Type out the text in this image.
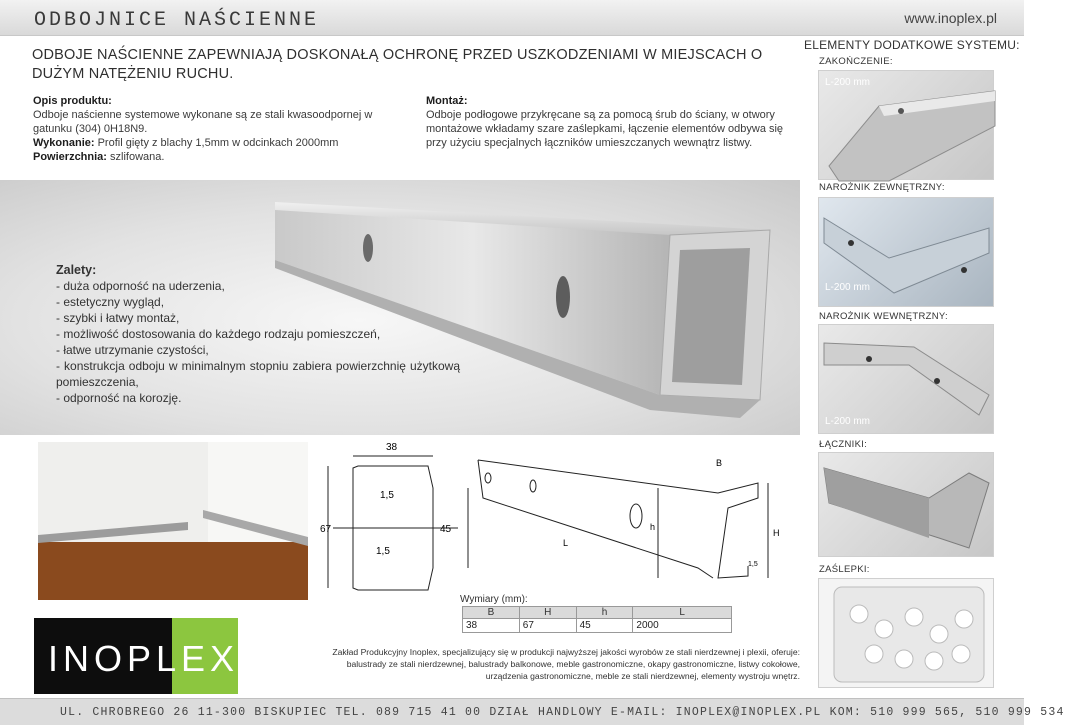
ODBOJNICE NAŚCIENNE	www.inoplex.pl
ODBOJE NAŚCIENNE ZAPEWNIAJĄ DOSKONAŁĄ OCHRONĘ PRZED USZKODZENIAMI W MIEJSCACH O DUŻYM NATĘŻENIU RUCHU.
Opis produktu:
Odboje naścienne systemowe wykonane są ze stali kwasoodpornej w gatunku (304) 0H18N9.
Wykonanie: Profil gięty z blachy 1,5mm w odcinkach 2000mm
Powierzchnia: szlifowana.
Montaż:
Odboje podłogowe przykręcane są za pomocą śrub do ściany, w otwory montażowe wkładamy szare zaślepkami, łączenie elementów odbywa się przy użyciu specjalnych łączników umieszczanych wewnątrz listwy.
Zalety:
- duża odporność na uderzenia,
- estetyczny wygląd,
- szybki i łatwy montaż,
- możliwość dostosowania do każdego rodzaju pomieszczeń,
- łatwe utrzymanie czystości,
- konstrukcja odboju w minimalnym stopniu zabiera powierzchnię użytkową pomieszczenia,
- odporność na korozję.
ELEMENTY DODATKOWE SYSTEMU:
ZAKOŃCZENIE:
L-200 mm
NAROŻNIK ZEWNĘTRZNY:
L-200 mm
NAROŻNIK WEWNĘTRZNY:
L-200 mm
ŁĄCZNIKI:
ZAŚLEPKI:
38
1,5
67	45
1,5
B
h
H
L
1,5
Wymiary (mm):
B	H	h	L
38	67	45	2000
INOPLEX	Zakład Produkcyjny Inoplex, specjalizujący się w produkcji najwyższej jakości wyrobów ze stali nierdzewnej i plexii, oferuje:
balustrady ze stali nierdzewnej, balustrady balkonowe, meble gastronomiczne, okapy gastronomiczne, listwy cokołowe,
urządzenia gastronomiczne, meble ze stali nierdzewnej, elementy wystroju wnętrz.
UL. CHROBREGO 26 11-300 BISKUPIEC TEL. 089 715 41 00 DZIAŁ HANDLOWY E-MAIL: INOPLEX@INOPLEX.PL KOM: 510 999 565, 510 999 534
